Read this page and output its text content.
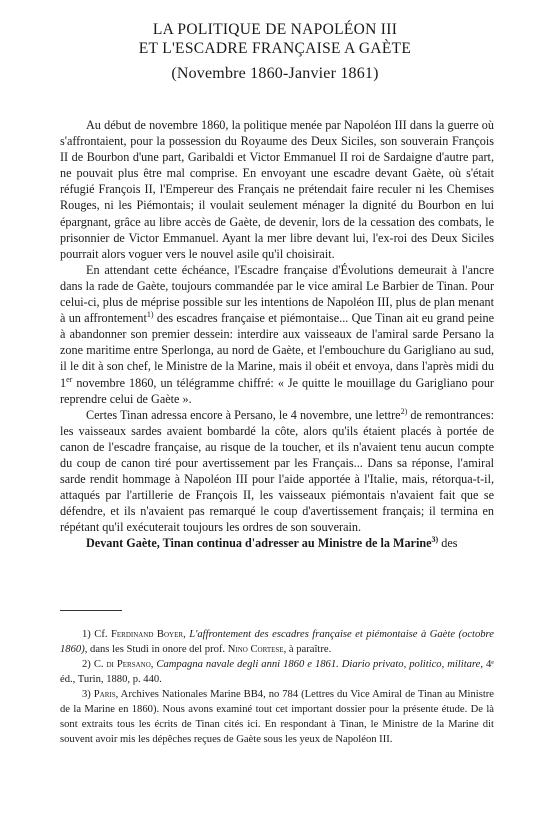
LA POLITIQUE DE NAPOLÉON III
ET L'ESCADRE FRANÇAISE A GAÈTE
(Novembre 1860-Janvier 1861)

Au début de novembre 1860, la politique menée par Napoléon III dans la guerre où s'affrontaient, pour la possession du Royaume des Deux Siciles, son souverain François II de Bourbon d'une part, Garibaldi et Victor Emmanuel II roi de Sardaigne d'autre part, ne pouvait plus être mal comprise. En envoyant une escadre devant Gaète, où s'était réfugié François II, l'Empereur des Français ne prétendait faire reculer ni les Chemises Rouges, ni les Piémontais; il voulait seulement ménager la dignité du Bourbon en lui épargnant, grâce au libre accès de Gaète, de devenir, lors de la cessation des combats, le prisonnier de Victor Emmanuel. Ayant la mer libre devant lui, l'ex-roi des Deux Siciles pourrait alors voguer vers le nouvel asile qu'il choisirait.

En attendant cette échéance, l'Escadre française d'Évolutions demeurait à l'ancre dans la rade de Gaète, toujours commandée par le vice amiral Le Barbier de Tinan. Pour celui-ci, plus de méprise possible sur les intentions de Napoléon III, plus de plan menant à un affrontement$^{1)}$ des escadres française et piémontaise... Que Tinan ait eu grand peine à abandonner son premier dessein: interdire aux vaisseaux de l'amiral sarde Persano la zone maritime entre Sperlonga, au nord de Gaète, et l'embouchure du Garigliano au sud, il le dit à son chef, le Ministre de la Marine, mais il obéit et envoya, dans l'après midi du 1er novembre 1860, un télégramme chiffré: « Je quitte le mouillage du Garigliano pour reprendre celui de Gaète ».

Certes Tinan adressa encore à Persano, le 4 novembre, une lettre$^{2)}$ de remontrances: les vaisseaux sardes avaient bombardé la côte, alors qu'ils étaient placés à portée de canon de l'escadre française, au risque de la toucher, et ils n'avaient tenu aucun compte du coup de canon tiré pour avertissement par les Français... Dans sa réponse, l'amiral sarde rendit hommage à Napoléon III pour l'aide apportée à l'Italie, mais, rétorqua-t-il, attaqués par l'artillerie de François II, les vaisseaux piémontais n'avaient fait que se défendre, et ils n'avaient pas remarqué le coup d'avertissement français; il termina en répétant qu'il exécuterait toujours les ordres de son souverain.

Devant Gaète, Tinan continua d'adresser au Ministre de la Marine$^{3)}$ des

1) Cf. Ferdinand Boyer, L'affrontement des escadres française et piémontaise à Gaète (octobre 1860), dans les Studi in onore del prof. Nino Cortese, à paraître.

2) C. di Persano, Campagna navale degli anni 1860 e 1861. Diario privato, politico, militare, 4ᵉ éd., Turin, 1880, p. 440.

3) Paris, Archives Nationales Marine BB4, no 784 (Lettres du Vice Amiral de Tinan au Ministre de la Marine en 1860). Nous avons examiné tout cet important dossier pour la présente étude. De là sont extraits tous les écrits de Tinan cités ici. En respondant à Tinan, le Ministre de la Marine dit souvent avoir mis les dépêches reçues de Gaète sous les yeux de Napoléon III.
